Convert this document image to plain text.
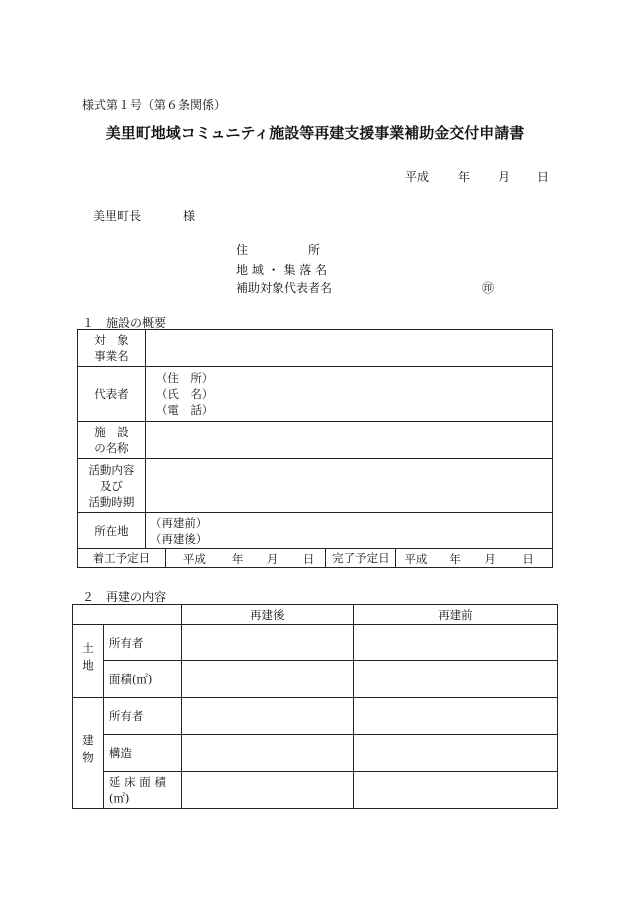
様式第１号（第６条関係）
美里町地域コミュニティ施設等再建支援事業補助金交付申請書
平成 年 月 日
美里町長	様
住　　　　　所
地 域 ・ 集 落 名
補助対象代表者名	㊞
１　施設の概要
対　象
事業名				

代表者	（住　所）
（氏　名）
（電　話）			

施　設
の名称				

活動内容
及び
活動時期				

所在地	（再建前）
（再建後）			

着工予定日		平成 年 月 日	完了予定日	平成 年 月 日
２　再建の内容
		再建後	再建前
土地	所有者		
	面積(㎡)		
建物	所有者		
	構造		

	延 床 面 積
(㎡)		
